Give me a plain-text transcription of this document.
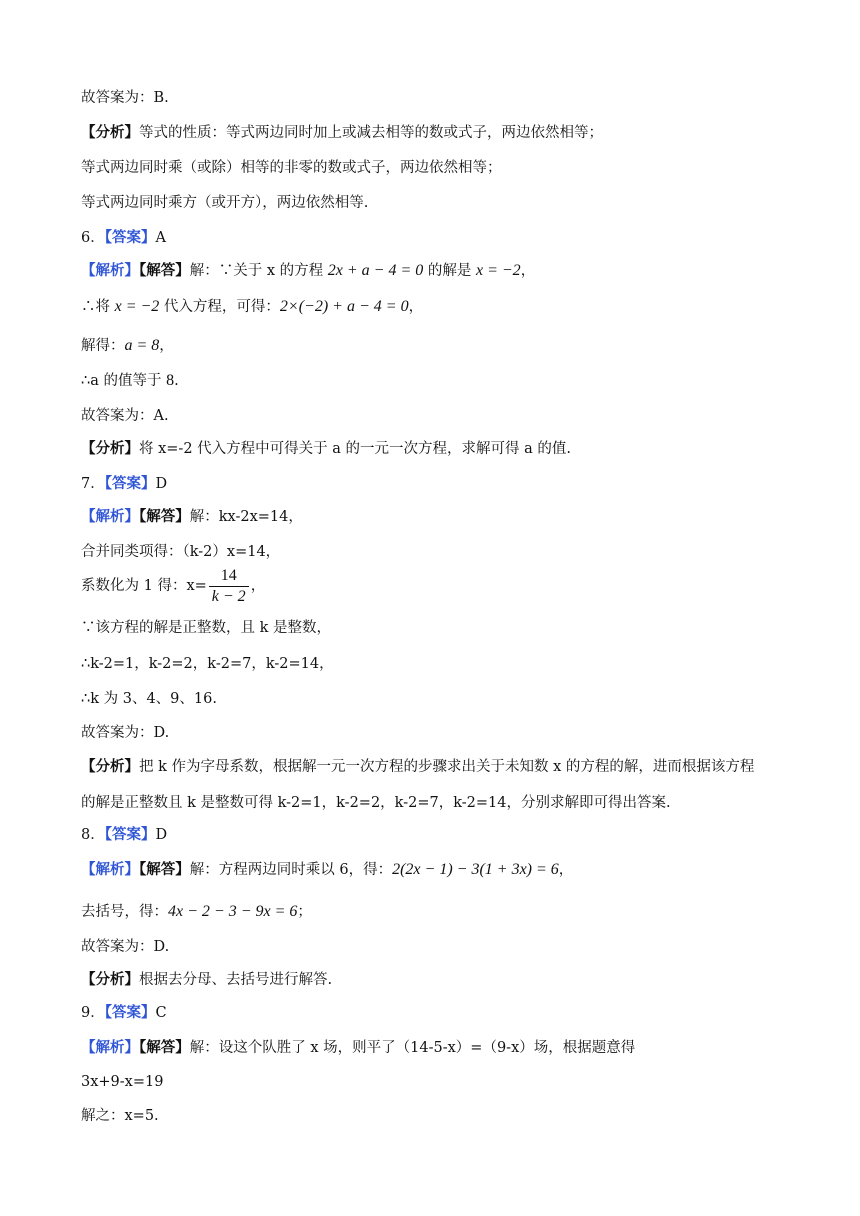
故答案为：B.
【分析】等式的性质：等式两边同时加上或减去相等的数或式子，两边依然相等；
等式两边同时乘（或除）相等的非零的数或式子，两边依然相等；
等式两边同时乘方（或开方），两边依然相等.
6．【答案】A
【解析】【解答】解：∵关于 x 的方程 2x + a − 4 = 0 的解是 x = −2，
∴将 x = −2 代入方程，可得：2×(−2) + a − 4 = 0，
解得：a = 8，
∴a 的值等于 8.
故答案为：A.
【分析】将 x=-2 代入方程中可得关于 a 的一元一次方程，求解可得 a 的值.
7．【答案】D
【解析】【解答】解：kx-2x=14，
合并同类项得：（k-2）x=14，
系数化为 1 得：$x= \frac{14}{k - 2}$ ，
∵该方程的解是正整数，且 k 是整数，
∴k-2=1，k-2=2，k-2=7，k-2=14，
∴k 为 3、4、9、16.
故答案为：D.
【分析】把 k 作为字母系数，根据解一元一次方程的步骤求出关于未知数 x 的方程的解，进而根据该方程
的解是正整数且 k 是整数可得 k-2=1，k-2=2，k-2=7，k-2=14，分别求解即可得出答案.
8．【答案】D
【解析】【解答】解：方程两边同时乘以 6，得：2(2x − 1) − 3(1 + 3x) = 6，
去括号，得：4x − 2 − 3 − 9x = 6；
故答案为：D.
【分析】根据去分母、去括号进行解答.
9．【答案】C
【解析】【解答】解：设这个队胜了 x 场，则平了（14-5-x）=（9-x）场，根据题意得
3x+9-x=19
解之：x=5.
